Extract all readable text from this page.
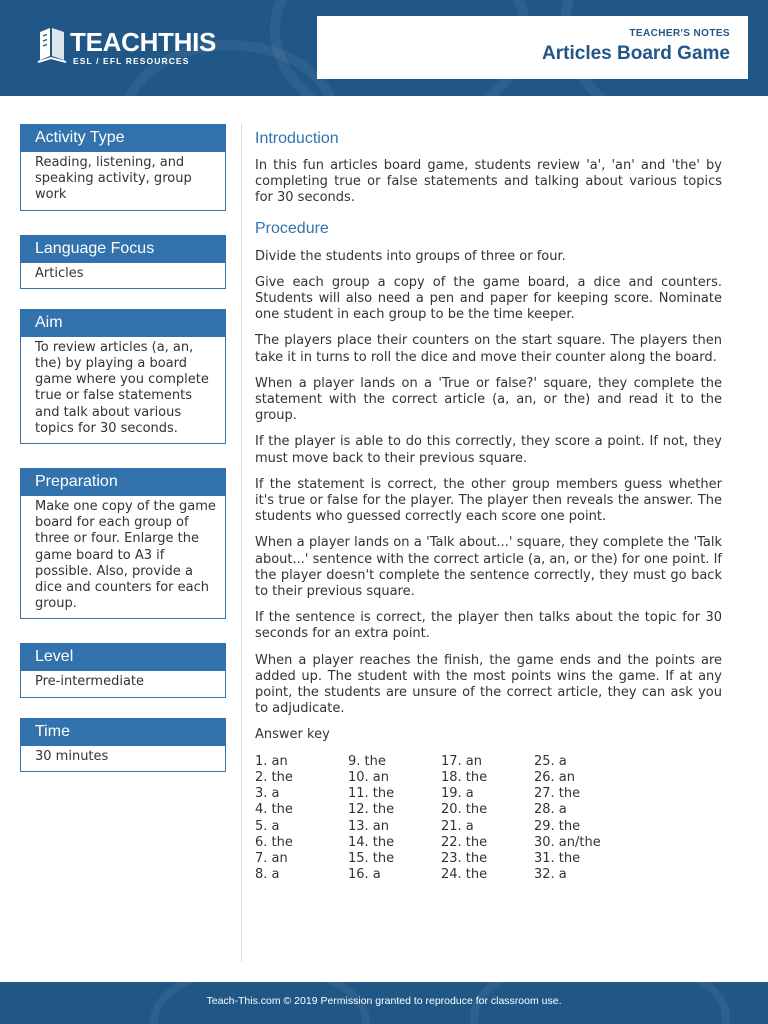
TEACHTHIS
ESL / EFL RESOURCES
TEACHER'S NOTES
Articles Board Game
Activity Type
Reading, listening, and speaking activity, group work
Language Focus
Articles
Aim
To review articles (a, an, the) by playing a board game where you complete true or false statements and talk about various topics for 30 seconds.
Preparation
Make one copy of the game board for each group of three or four. Enlarge the game board to A3 if possible. Also, provide a dice and counters for each group.
Level
Pre-intermediate
Time
30 minutes
Introduction
In this fun articles board game, students review 'a', 'an' and 'the' by completing true or false statements and talking about various topics for 30 seconds.
Procedure
Divide the students into groups of three or four.
Give each group a copy of the game board, a dice and counters. Students will also need a pen and paper for keeping score. Nominate one student in each group to be the time keeper.
The players place their counters on the start square. The players then take it in turns to roll the dice and move their counter along the board.
When a player lands on a 'True or false?' square, they complete the statement with the correct article (a, an, or the) and read it to the group.
If the player is able to do this correctly, they score a point. If not, they must move back to their previous square.
If the statement is correct, the other group members guess whether it's true or false for the player. The player then reveals the answer. The students who guessed correctly each score one point.
When a player lands on a 'Talk about...' square, they complete the 'Talk about...' sentence with the correct article (a, an, or the) for one point. If the player doesn't complete the sentence correctly, they must go back to their previous square.
If the sentence is correct, the player then talks about the topic for 30 seconds for an extra point.
When a player reaches the finish, the game ends and the points are added up. The student with the most points wins the game. If at any point, the students are unsure of the correct article, they can ask you to adjudicate.
Answer key
1. an
2. the
3. a
4. the
5. a
6. the
7. an
8. a
9. the
10. an
11. the
12. the
13. an
14. the
15. the
16. a
17. an
18. the
19. a
20. the
21. a
22. the
23. the
24. the
25. a
26. an
27. the
28. a
29. the
30. an/the
31. the
32. a
Teach-This.com © 2019 Permission granted to reproduce for classroom use.
